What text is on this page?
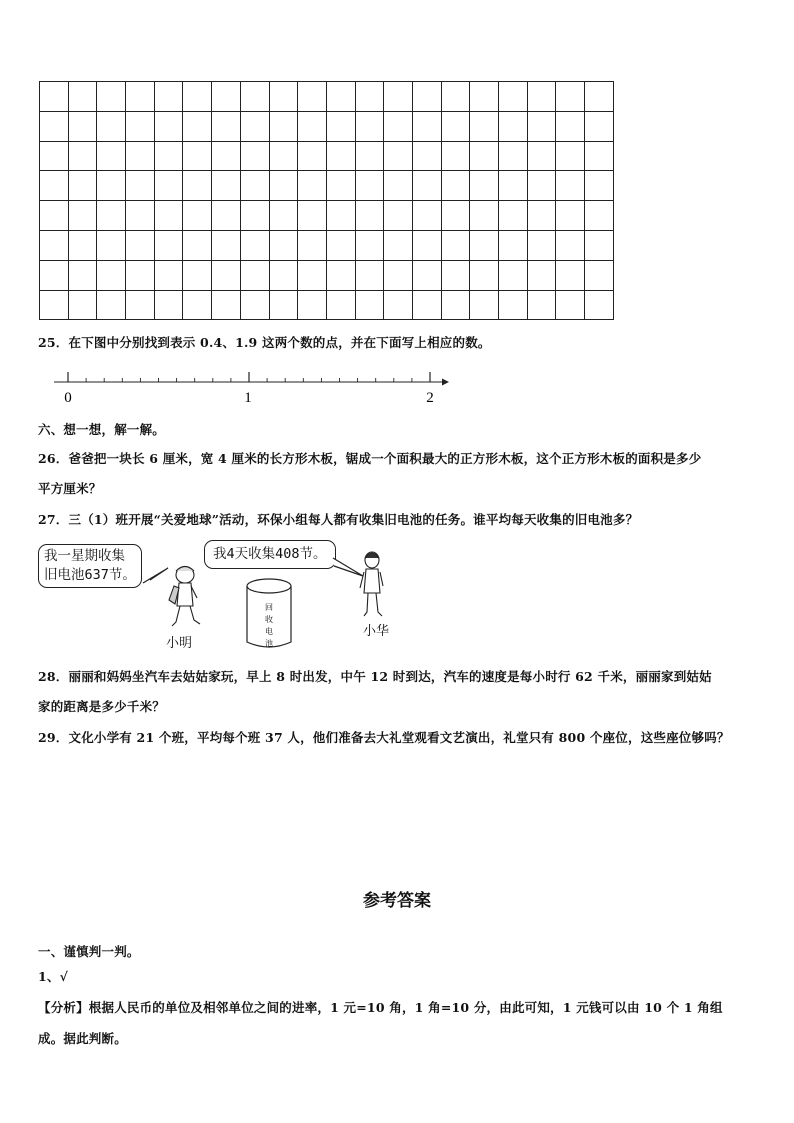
25．在下图中分别找到表示 0.4、1.9 这两个数的点，并在下面写上相应的数。
0	1	2
六、想一想，解一解。
26．爸爸把一块长 6 厘米，宽 4 厘米的长方形木板，锯成一个面积最大的正方形木板，这个正方形木板的面积是多少
平方厘米？
27．三（1）班开展“关爱地球”活动，环保小组每人都有收集旧电池的任务。谁平均每天收集的旧电池多？
我一星期收集
旧电池637节。
我4天收集408节。
回
收
电
池
小明
小华
28．丽丽和妈妈坐汽车去姑姑家玩，早上 8 时出发，中午 12 时到达，汽车的速度是每小时行 62 千米，丽丽家到姑姑
家的距离是多少千米？
29．文化小学有 21 个班，平均每个班 37 人，他们准备去大礼堂观看文艺演出，礼堂只有 800 个座位，这些座位够吗？
参考答案
一、谨慎判一判。
1、√
【分析】根据人民币的单位及相邻单位之间的进率，1 元=10 角，1 角=10 分，由此可知，1 元钱可以由 10 个 1 角组
成。据此判断。
